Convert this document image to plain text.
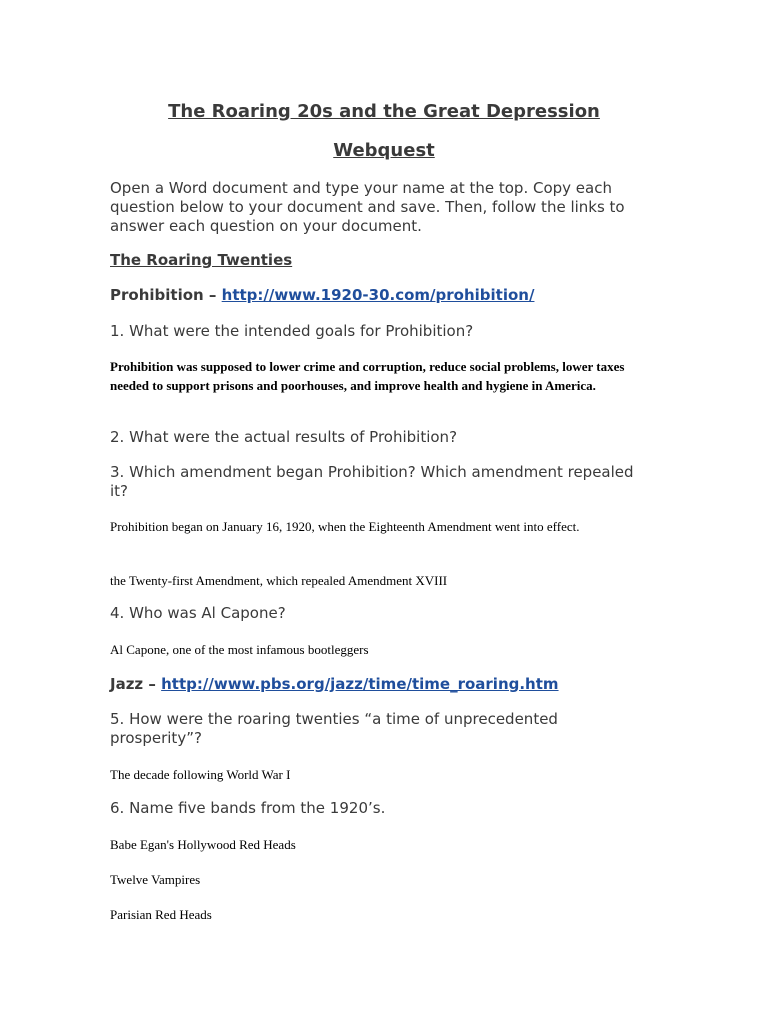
The Roaring 20s and the Great Depression
Webquest

Open a Word document and type your name at the top. Copy each question below to your document and save. Then, follow the links to answer each question on your document.

The Roaring Twenties

Prohibition – http://www.1920-30.com/prohibition/

1. What were the intended goals for Prohibition?

Prohibition was supposed to lower crime and corruption, reduce social problems, lower taxes needed to support prisons and poorhouses, and improve health and hygiene in America.

2. What were the actual results of Prohibition?

3. Which amendment began Prohibition? Which amendment repealed it?

Prohibition began on January 16, 1920, when the Eighteenth Amendment went into effect.

the Twenty-first Amendment, which repealed Amendment XVIII

4. Who was Al Capone?

Al Capone, one of the most infamous bootleggers

Jazz – http://www.pbs.org/jazz/time/time_roaring.htm

5. How were the roaring twenties “a time of unprecedented prosperity”?

The decade following World War I

6. Name five bands from the 1920’s.

Babe Egan's Hollywood Red Heads

Twelve Vampires

Parisian Red Heads
